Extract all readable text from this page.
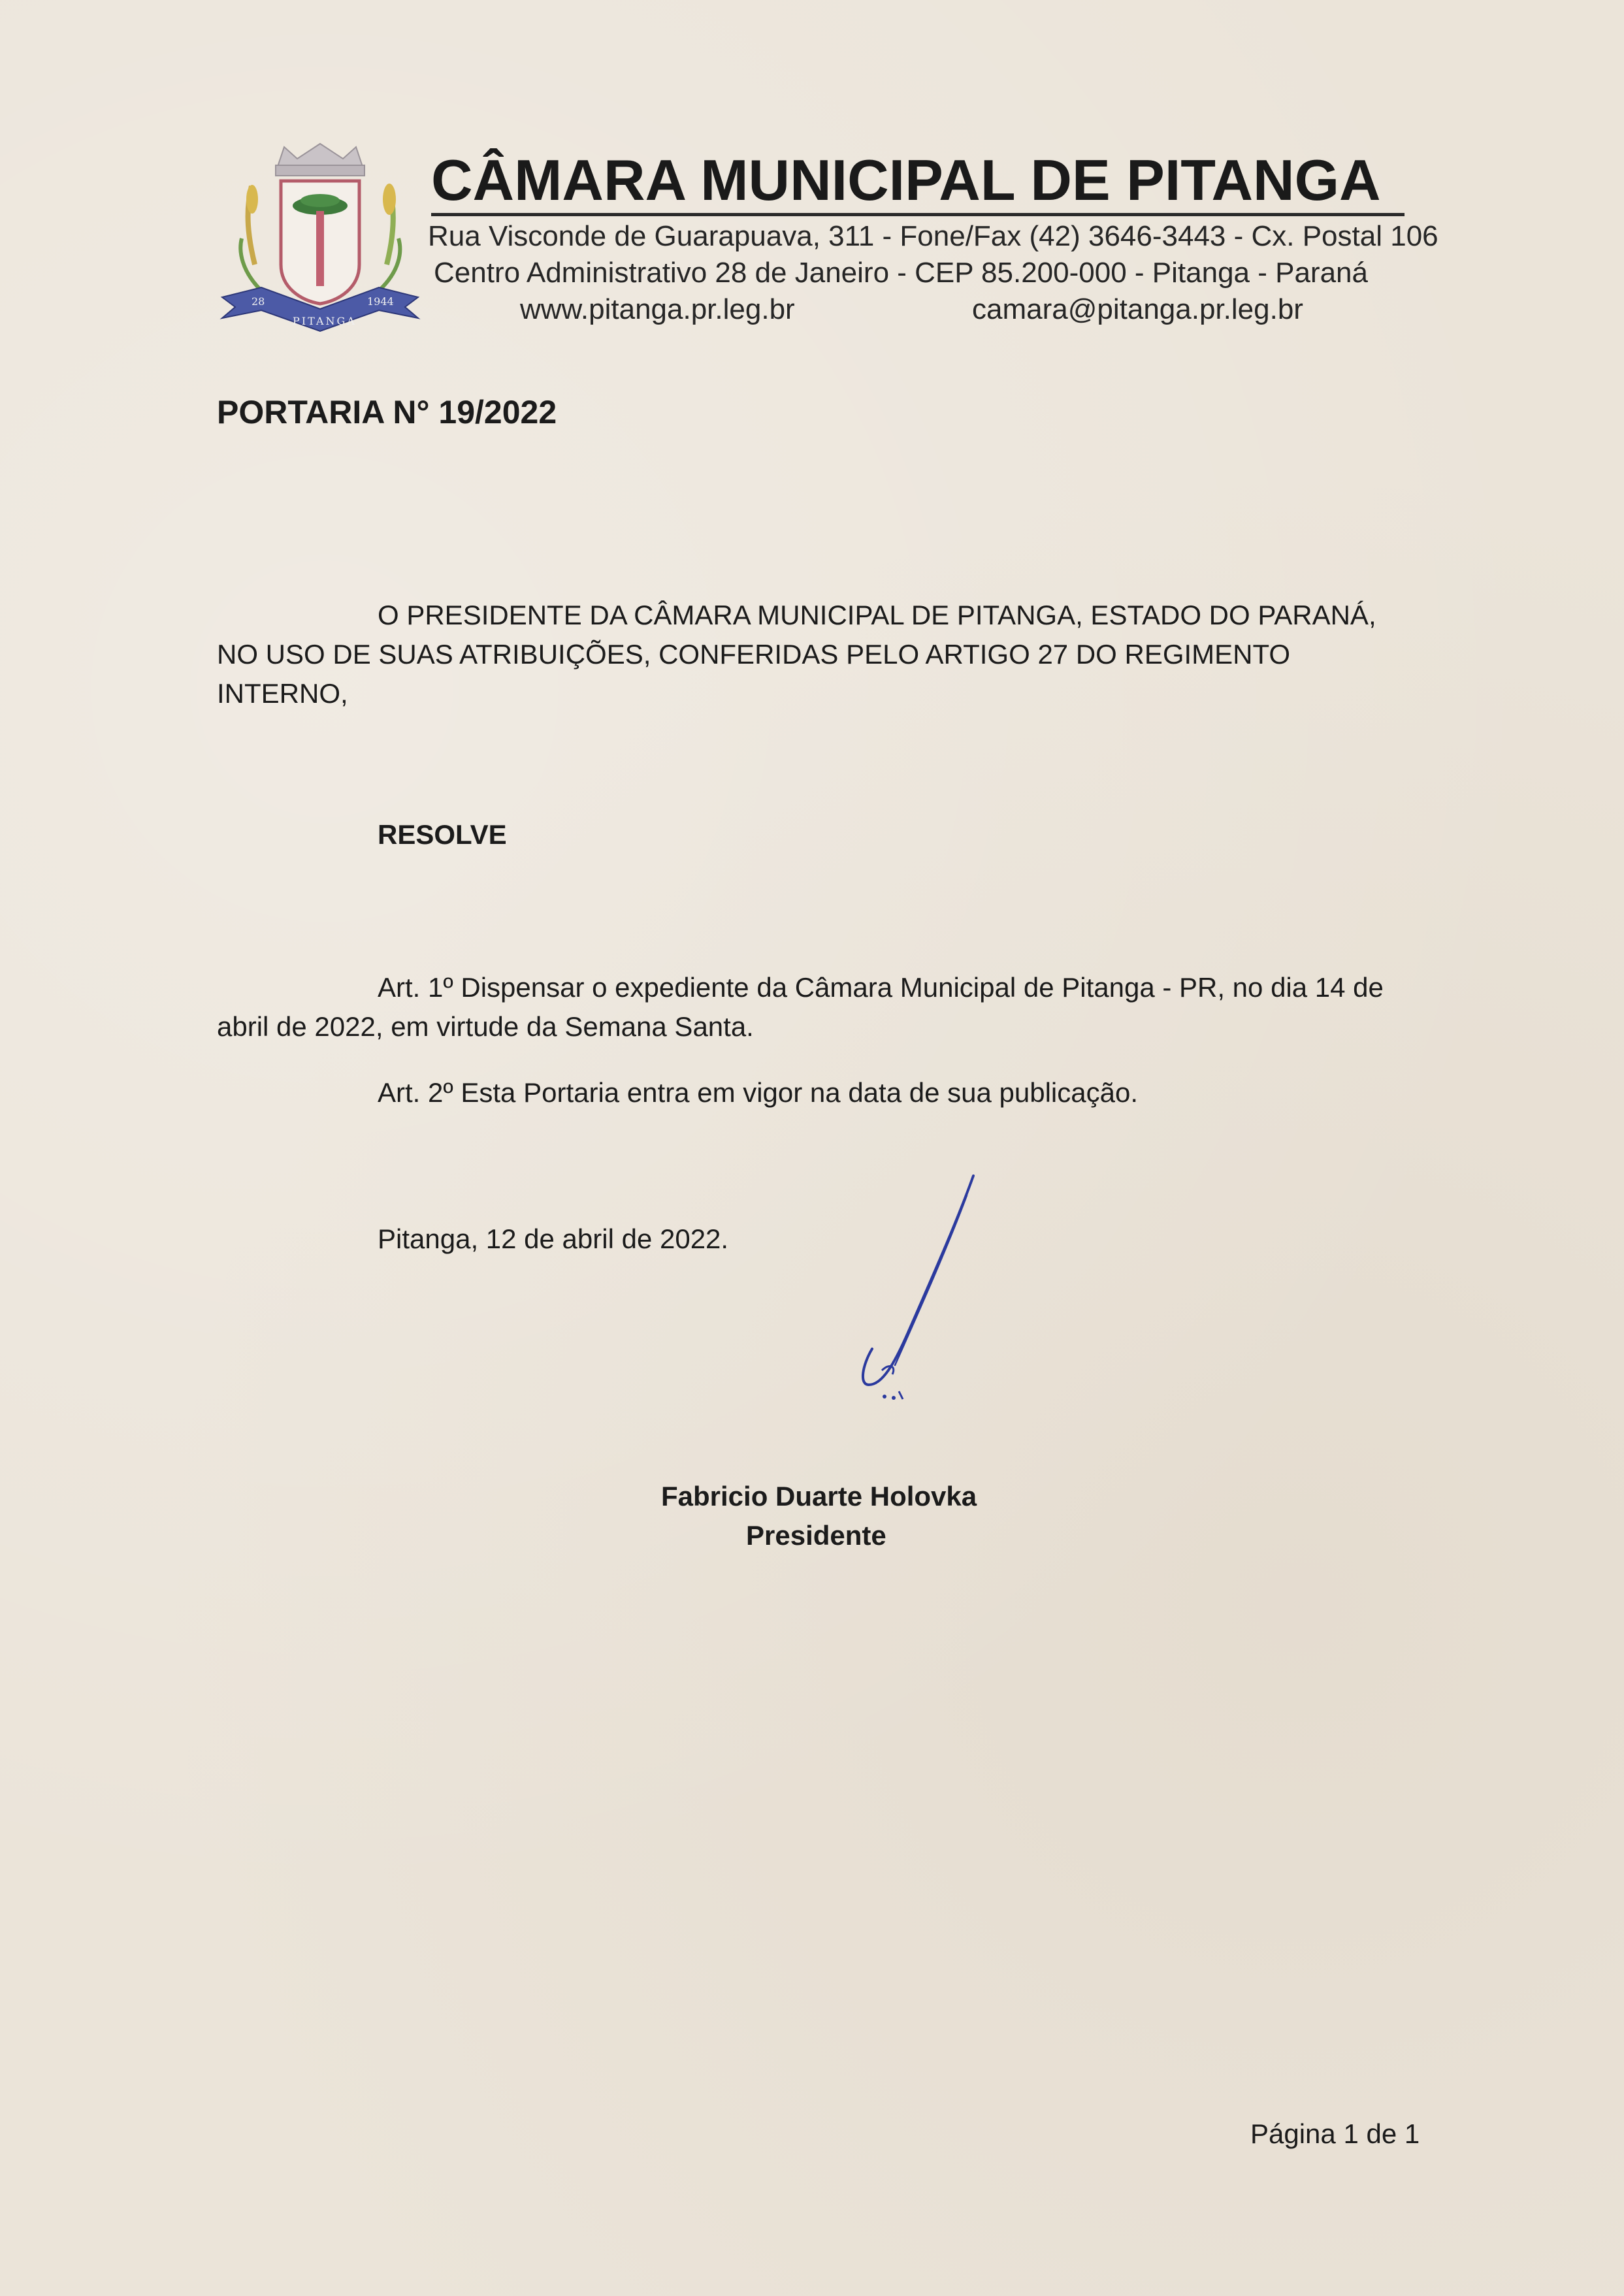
28	1944
PITANGA
CÂMARA MUNICIPAL DE PITANGA
Rua Visconde de Guarapuava, 311 - Fone/Fax (42) 3646-3443 - Cx. Postal 106
Centro Administrativo 28 de Janeiro - CEP 85.200-000 - Pitanga - Paraná
www.pitanga.pr.leg.br	camara@pitanga.pr.leg.br
PORTARIA N° 19/2022
O PRESIDENTE DA CÂMARA MUNICIPAL DE PITANGA, ESTADO DO PARANÁ,
NO USO DE SUAS ATRIBUIÇÕES, CONFERIDAS PELO ARTIGO 27 DO REGIMENTO
INTERNO,
RESOLVE
Art. 1º Dispensar o expediente da Câmara Municipal de Pitanga - PR, no dia 14 de
abril de 2022, em virtude da Semana Santa.
Art. 2º Esta Portaria entra em vigor na data de sua publicação.
Pitanga, 12 de abril de 2022.
Fabricio Duarte Holovka
Presidente
Página 1 de 1
